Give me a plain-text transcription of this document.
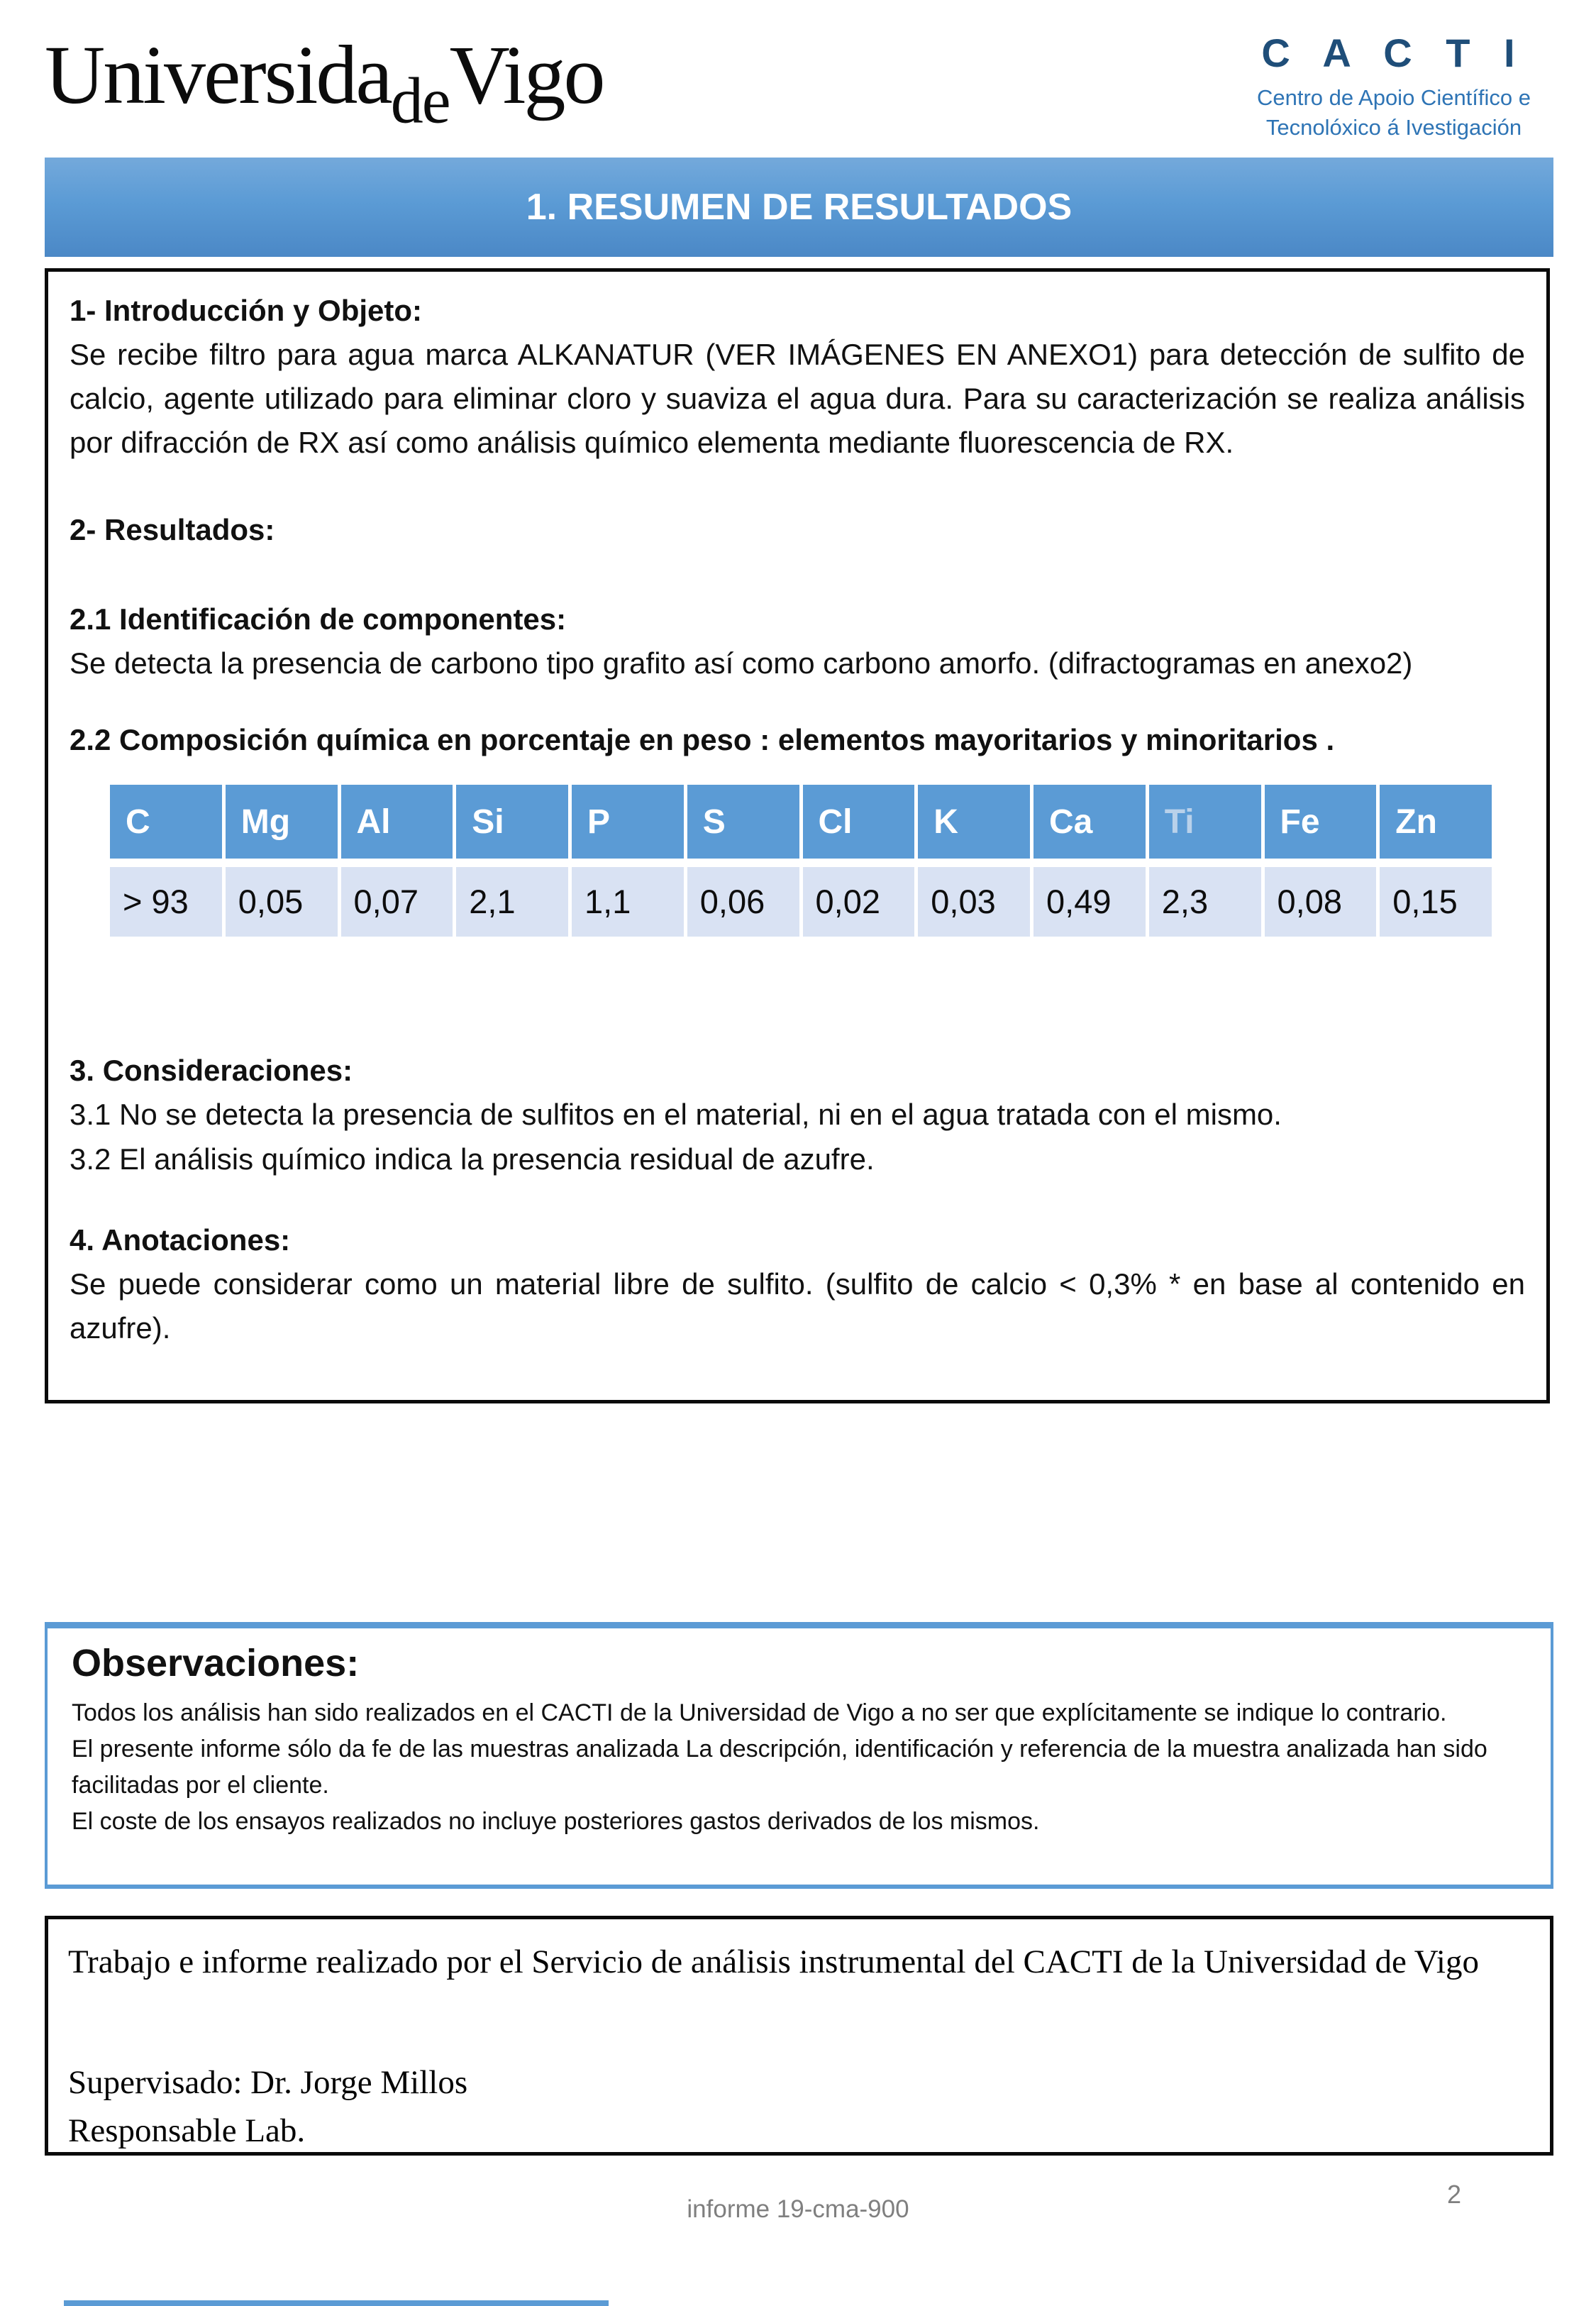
Universida$_{de}$Vigo	C A C T I
Centro de Apoio Científico e
Tecnolóxico á Ivestigación
1. RESUMEN DE RESULTADOS
1- Introducción y Objeto:
Se recibe filtro para agua marca ALKANATUR (VER IMÁGENES EN ANEXO1) para detección de sulfito de calcio, agente utilizado para eliminar cloro y suaviza el agua dura. Para su caracterización se realiza análisis por difracción de RX así como análisis químico elementa mediante fluorescencia de RX.
2- Resultados:
2.1 Identificación de componentes:
Se detecta la presencia de carbono tipo grafito así como carbono amorfo. (difractogramas en anexo2)
2.2 Composición química en porcentaje en peso : elementos mayoritarios y minoritarios .
C	Mg	Al	Si	P	S	Cl	K	Ca	Ti	Fe	Zn
> 93	0,05	0,07	2,1	1,1	0,06	0,02	0,03	0,49	2,3	0,08	0,15
3. Consideraciones:
3.1 No se detecta la presencia de sulfitos en el material, ni en el agua tratada con el mismo.
3.2 El análisis químico indica la presencia residual de azufre.
4. Anotaciones:
Se puede considerar como un material libre de sulfito. (sulfito de calcio < 0,3% * en base al contenido en azufre).
Observaciones:
Todos los análisis han sido realizados en el CACTI de la Universidad de Vigo a no ser que explícitamente se indique lo contrario.
El presente informe sólo da fe de las muestras analizada La descripción, identificación y referencia de la muestra analizada han sido facilitadas por el cliente.
El coste de los ensayos realizados no incluye posteriores gastos derivados de los mismos.
Trabajo e informe realizado por el Servicio de análisis instrumental del CACTI de la Universidad de Vigo
Supervisado: Dr. Jorge Millos
Responsable Lab.
2
informe 19-cma-900
